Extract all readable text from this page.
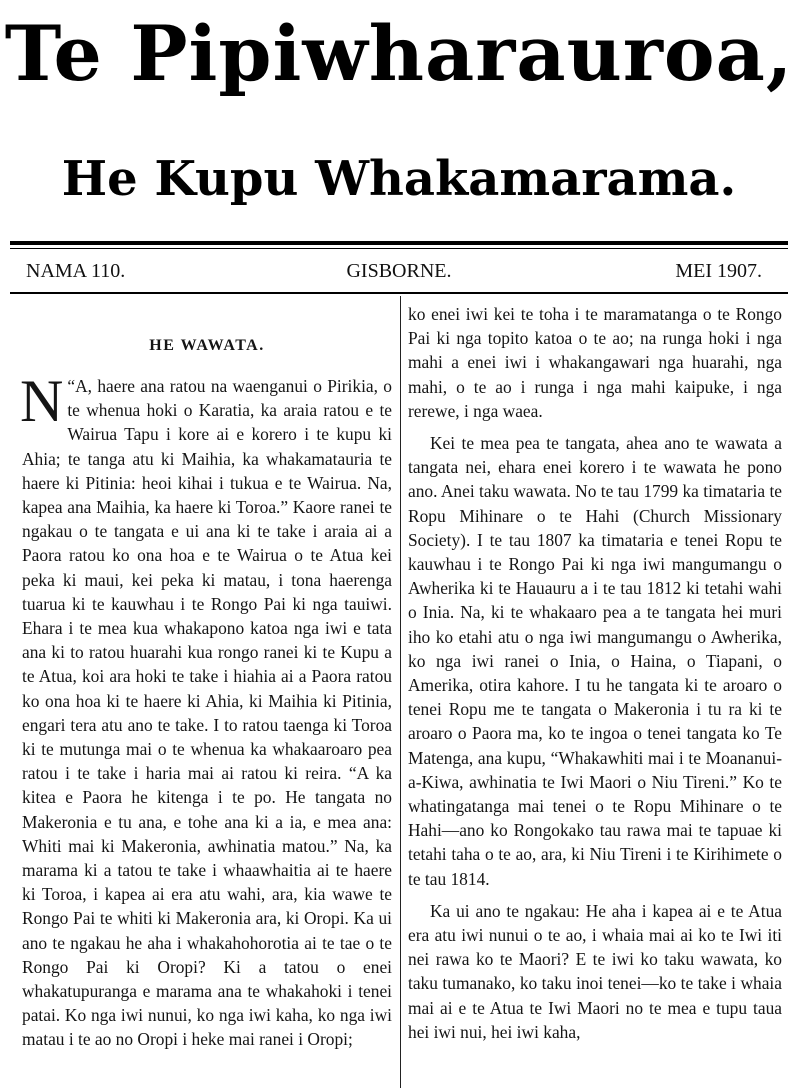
Te Pipiwharauroa,
He Kupu Whakamarama.
NAMA 110.	GISBORNE.	MEI 1907.
HE WAWATA.

“
N A, haere ana ratou na waenganui o Pirikia, o te whenua hoki o Karatia, ka araia ratou e te Wairua Tapu i kore ai e korero i te kupu ki Ahia; te tanga atu ki Maihia, ka whakamatauria te haere ki Pitinia: heoi kihai i tukua e te Wairua. Na, kapea ana Maihia, ka haere ki Toroa.” Kaore ranei te ngakau o te tangata e ui ana ki te take i araia ai a Paora ratou ko ona hoa e te Wairua o te Atua kei peka ki maui, kei peka ki matau, i tona haerenga tuarua ki te kauwhau i te Rongo Pai ki nga tauiwi. Ehara i te mea kua whakapono katoa nga iwi e tata ana ki to ratou huarahi kua rongo ranei ki te Kupu a te Atua, koi ara hoki te take i hiahia ai a Paora ratou ko ona hoa ki te haere ki Ahia, ki Maihia ki Pitinia, engari tera atu ano te take. I to ratou taenga ki Toroa ki te mutunga mai o te whenua ka whakaaroaro pea ratou i te take i haria mai ai ratou ki reira. “A ka kitea e Paora he kitenga i te po. He tangata no Makeronia e tu ana, e tohe ana ki a ia, e mea ana: Whiti mai ki Makeronia, awhinatia matou.” Na, ka marama ki a tatou te take i whaawhaitia ai te haere ki Toroa, i kapea ai era atu wahi, ara, kia wawe te Rongo Pai te whiti ki Makeronia ara, ki Oropi. Ka ui ano te ngakau he aha i whakahohorotia ai te tae o te Rongo Pai ki Oropi? Ki a tatou o enei whakatupuranga e marama ana te whakahoki i tenei patai. Ko nga iwi nunui, ko nga iwi kaha, ko nga iwi matau i te ao no Oropi i heke mai ranei i Oropi;

ko enei iwi kei te toha i te maramatanga o te Rongo Pai ki nga topito katoa o te ao; na runga hoki i nga mahi a enei iwi i whakangawari nga huarahi, nga mahi, o te ao i runga i nga mahi kaipuke, i nga rerewe, i nga waea.

Kei te mea pea te tangata, ahea ano te wawata a tangata nei, ehara enei korero i te wawata he pono ano. Anei taku wawata. No te tau 1799 ka timataria te Ropu Mihinare o te Hahi (Church Missionary Society). I te tau 1807 ka timataria e tenei Ropu te kauwhau i te Rongo Pai ki nga iwi mangumangu o Awherika ki te Hauauru a i te tau 1812 ki tetahi wahi o Inia. Na, ki te whakaaro pea a te tangata hei muri iho ko etahi atu o nga iwi mangumangu o Awherika, ko nga iwi ranei o Inia, o Haina, o Tiapani, o Amerika, otira kahore. I tu he tangata ki te aroaro o tenei Ropu me te tangata o Makeronia i tu ra ki te aroaro o Paora ma, ko te ingoa o tenei tangata ko Te Matenga, ana kupu, “Whakawhiti mai i te Moananui-a-Kiwa, awhinatia te Iwi Maori o Niu Tireni.” Ko te whatingatanga mai tenei o te Ropu Mihinare o te Hahi—ano ko Rongokako tau rawa mai te tapuae ki tetahi taha o te ao, ara, ki Niu Tireni i te Kirihimete o te tau 1814.

Ka ui ano te ngakau: He aha i kapea ai e te Atua era atu iwi nunui o te ao, i whaia mai ai ko te Iwi iti nei rawa ko te Maori? E te iwi ko taku wawata, ko taku tumanako, ko taku inoi tenei—ko te take i whaia mai ai e te Atua te Iwi Maori no te mea e tupu taua hei iwi nui, hei iwi kaha,
